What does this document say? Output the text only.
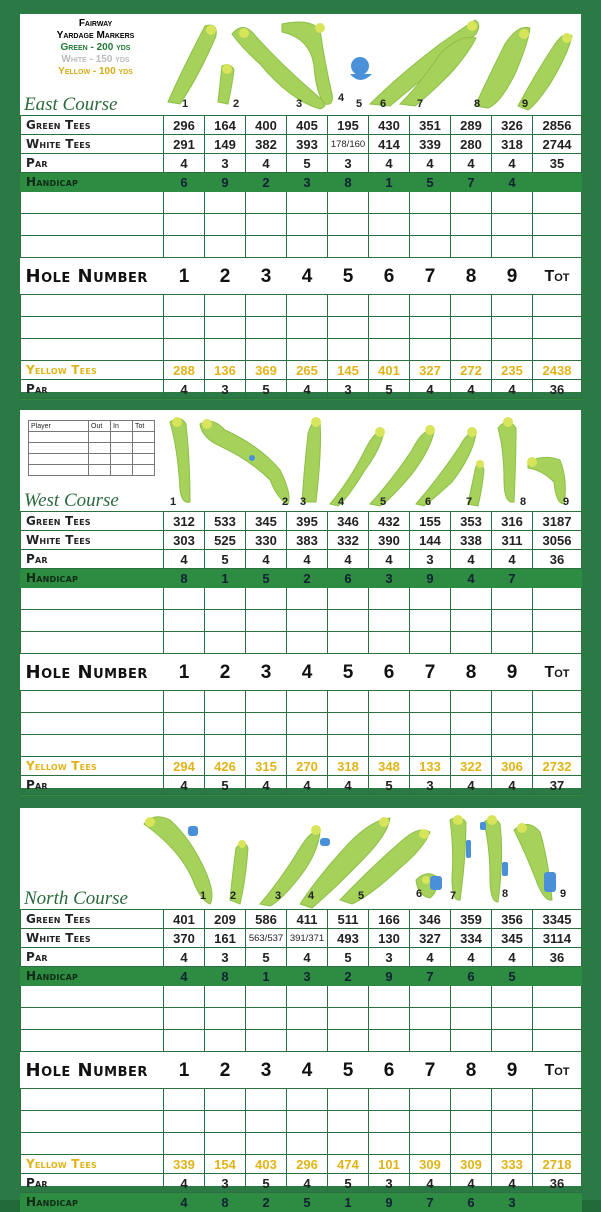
Fairway
Yardage Markers
Green - 200 yds
White - 150 yds
Yellow - 100 yds
East Course	1	2	3	4 5 6	7	8	9
Green Tees	296	164	400	405	195	430	351	289	326	2856
White Tees	291	149	382	393	178/160	414	339	280	318	2744
Par	4	3	4	5	3	4	4	4	4	35
Handicap	6	9	2	3	8	1	5	7	4	

Hole Number	1	2	3	4	5	6	7	8	9	Tot

Yellow Tees	288	136	369	265	145	401	327	272	235	2438
Par	4	3	5	4	3	5	4	4	4	36

Player	Out	In	Tot

West Course	1	2 3	4	5	6	7	8	9
Green Tees	312	533	345	395	346	432	155	353	316	3187
White Tees	303	525	330	383	332	390	144	338	311	3056
Par	4	5	4	4	4	4	3	4	4	36
Handicap	8	1	5	2	6	3	9	4	7	

Hole Number	1	2	3	4	5	6	7	8	9	Tot

Yellow Tees	294	426	315	270	318	348	133	322	306	2732
Par	4	5	4	4	4	5	3	4	4	37

North Course	1 2	3 4	5	6	7	8	9
Green Tees	401	209	586	411	511	166	346	359	356	3345
White Tees	370	161	563/537	391/371	493	130	327	334	345	3114
Par	4	3	5	4	5	3	4	4	4	36
Handicap	4	8	1	3	2	9	7	6	5	

Hole Number	1	2	3	4	5	6	7	8	9	Tot

Yellow Tees	339	154	403	296	474	101	309	309	333	2718
Par	4	3	5	4	5	3	4	4	4	36
Handicap	4	8	2	5	1	9	7	6	3	
